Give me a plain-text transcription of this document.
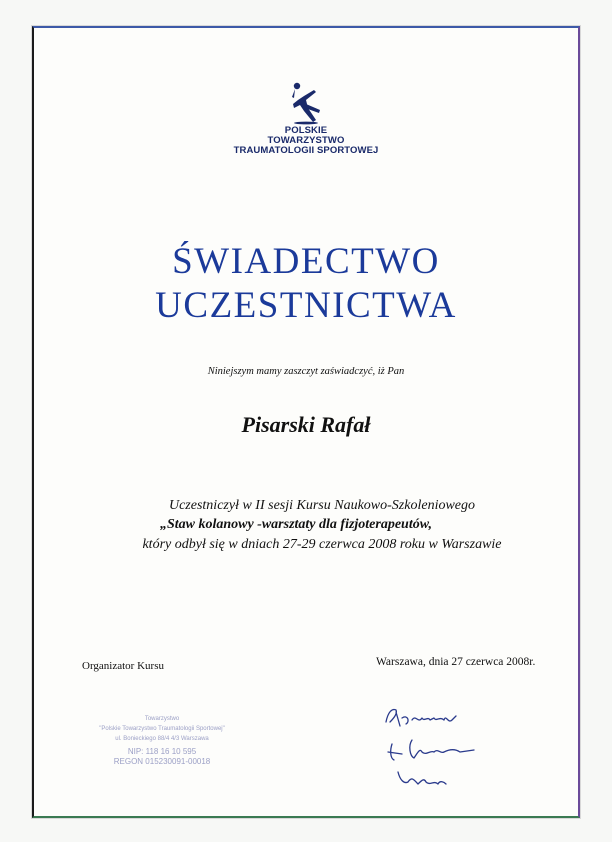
POLSKIE
TOWARZYSTWO
TRAUMATOLOGII SPORTOWEJ
ŚWIADECTWO
UCZESTNICTWA
Niniejszym mamy zaszczyt zaświadczyć, iż Pan
Pisarski Rafał
Uczestniczył w II sesji Kursu Naukowo-Szkoleniowego
„Staw kolanowy -warsztaty dla fizjoterapeutów,
który odbył się w dniach 27-29 czerwca 2008 roku w Warszawie
Organizator Kursu	Warszawa, dnia 27 czerwca 2008r.
Towarzystwo
"Polskie Towarzystwo Traumatologii Sportowej"
ul. Bonieckiego 88/4 4/3 Warszawa
NIP: 118 16 10 595
REGON 015230091-00018
